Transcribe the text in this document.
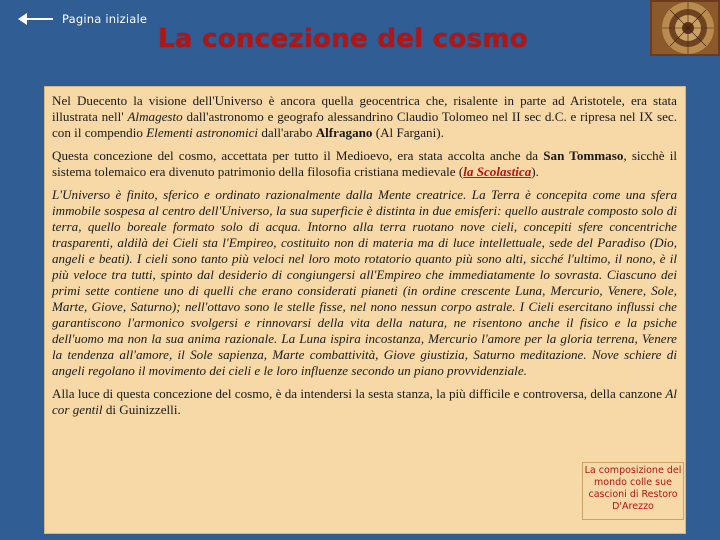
Pagina iniziale
La concezione del cosmo

Nel Duecento la visione dell'Universo è ancora quella geocentrica che, risalente in parte ad Aristotele, era stata illustrata nell' Almagesto dall'astronomo e geografo alessandrino Claudio Tolomeo nel II sec d.C. e ripresa nel IX sec. con il compendio Elementi astronomici dall'arabo Alfragano (Al Fargani).

Questa concezione del cosmo, accettata per tutto il Medioevo, era stata accolta anche da San Tommaso, sicchè il sistema tolemaico era divenuto patrimonio della filosofia cristiana medievale (la Scolastica).

L'Universo è finito, sferico e ordinato razionalmente dalla Mente creatrice. La Terra è concepita come una sfera immobile sospesa al centro dell'Universo, la sua superficie è distinta in due emisferi: quello australe composto solo di terra, quello boreale formato solo di acqua. Intorno alla terra ruotano nove cieli, concepiti sfere concentriche trasparenti, aldilà dei Cieli sta l'Empireo, costituito non di materia ma di luce intellettuale, sede del Paradiso (Dio, angeli e beati). I cieli sono tanto più veloci nel loro moto rotatorio quanto più sono alti, sicché l'ultimo, il nono, è il più veloce tra tutti, spinto dal desiderio di congiungersi all'Empireo che immediatamente lo sovrasta. Ciascuno dei primi sette contiene uno di quelli che erano considerati pianeti (in ordine crescente Luna, Mercurio, Venere, Sole, Marte, Giove, Saturno); nell'ottavo sono le stelle fisse, nel nono nessun corpo astrale. I Cieli esercitano influssi che garantiscono l'armonico svolgersi e rinnovarsi della vita della natura, ne risentono anche il fisico e la psiche dell'uomo ma non la sua anima razionale. La Luna ispira incostanza, Mercurio l'amore per la gloria terrena, Venere la tendenza all'amore, il Sole sapienza, Marte combattività, Giove giustizia, Saturno meditazione. Nove schiere di angeli regolano il movimento dei cieli e le loro influenze secondo un piano provvidenziale.

Alla luce di questa concezione del cosmo, è da intendersi la sesta stanza, la più difficile e controversa, della canzone Al cor gentil di Guinizzelli.

La composizione del mondo colle sue cascioni di Restoro D'Arezzo
